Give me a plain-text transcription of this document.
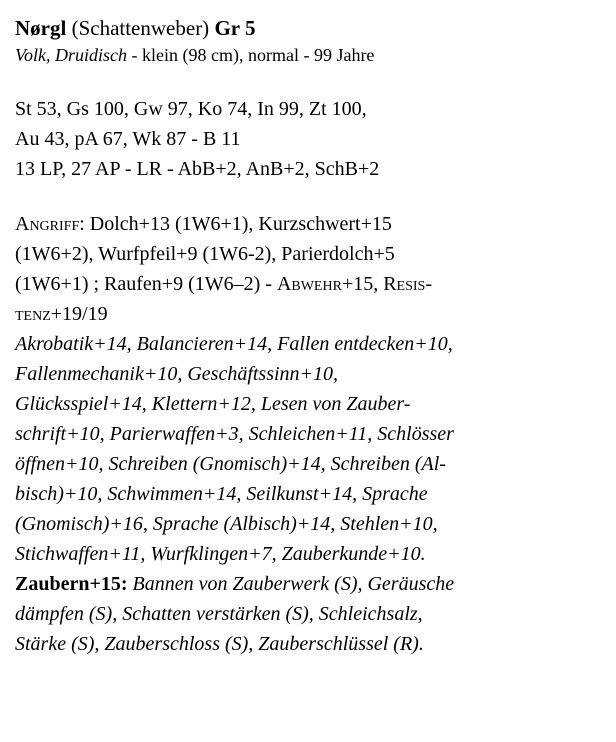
Nørgl (Schattenweber) Gr 5
Volk, Druidisch - klein (98 cm), normal - 99 Jahre
St 53, Gs 100, Gw 97, Ko 74, In 99, Zt 100,
Au 43, pA 67, Wk 87 - B 11
13 LP, 27 AP - LR - AbB+2, AnB+2, SchB+2
Angriff: Dolch+13 (1W6+1), Kurzschwert+15
(1W6+2), Wurfpfeil+9 (1W6-2), Parierdolch+5
(1W6+1) ; Raufen+9 (1W6–2) - Abwehr+15, Resis-
tenz+19/19
Akrobatik+14, Balancieren+14, Fallen entdecken+10,
Fallenmechanik+10, Geschäftssinn+10,
Glücksspiel+14, Klettern+12, Lesen von Zauber-
schrift+10, Parierwaffen+3, Schleichen+11, Schlösser
öffnen+10, Schreiben (Gnomisch)+14, Schreiben (Al-
bisch)+10, Schwimmen+14, Seilkunst+14, Sprache
(Gnomisch)+16, Sprache (Albisch)+14, Stehlen+10,
Stichwaffen+11, Wurfklingen+7, Zauberkunde+10.
Zaubern+15: Bannen von Zauberwerk (S), Geräusche
dämpfen (S), Schatten verstärken (S), Schleichsalz,
Stärke (S), Zauberschloss (S), Zauberschlüssel (R).
